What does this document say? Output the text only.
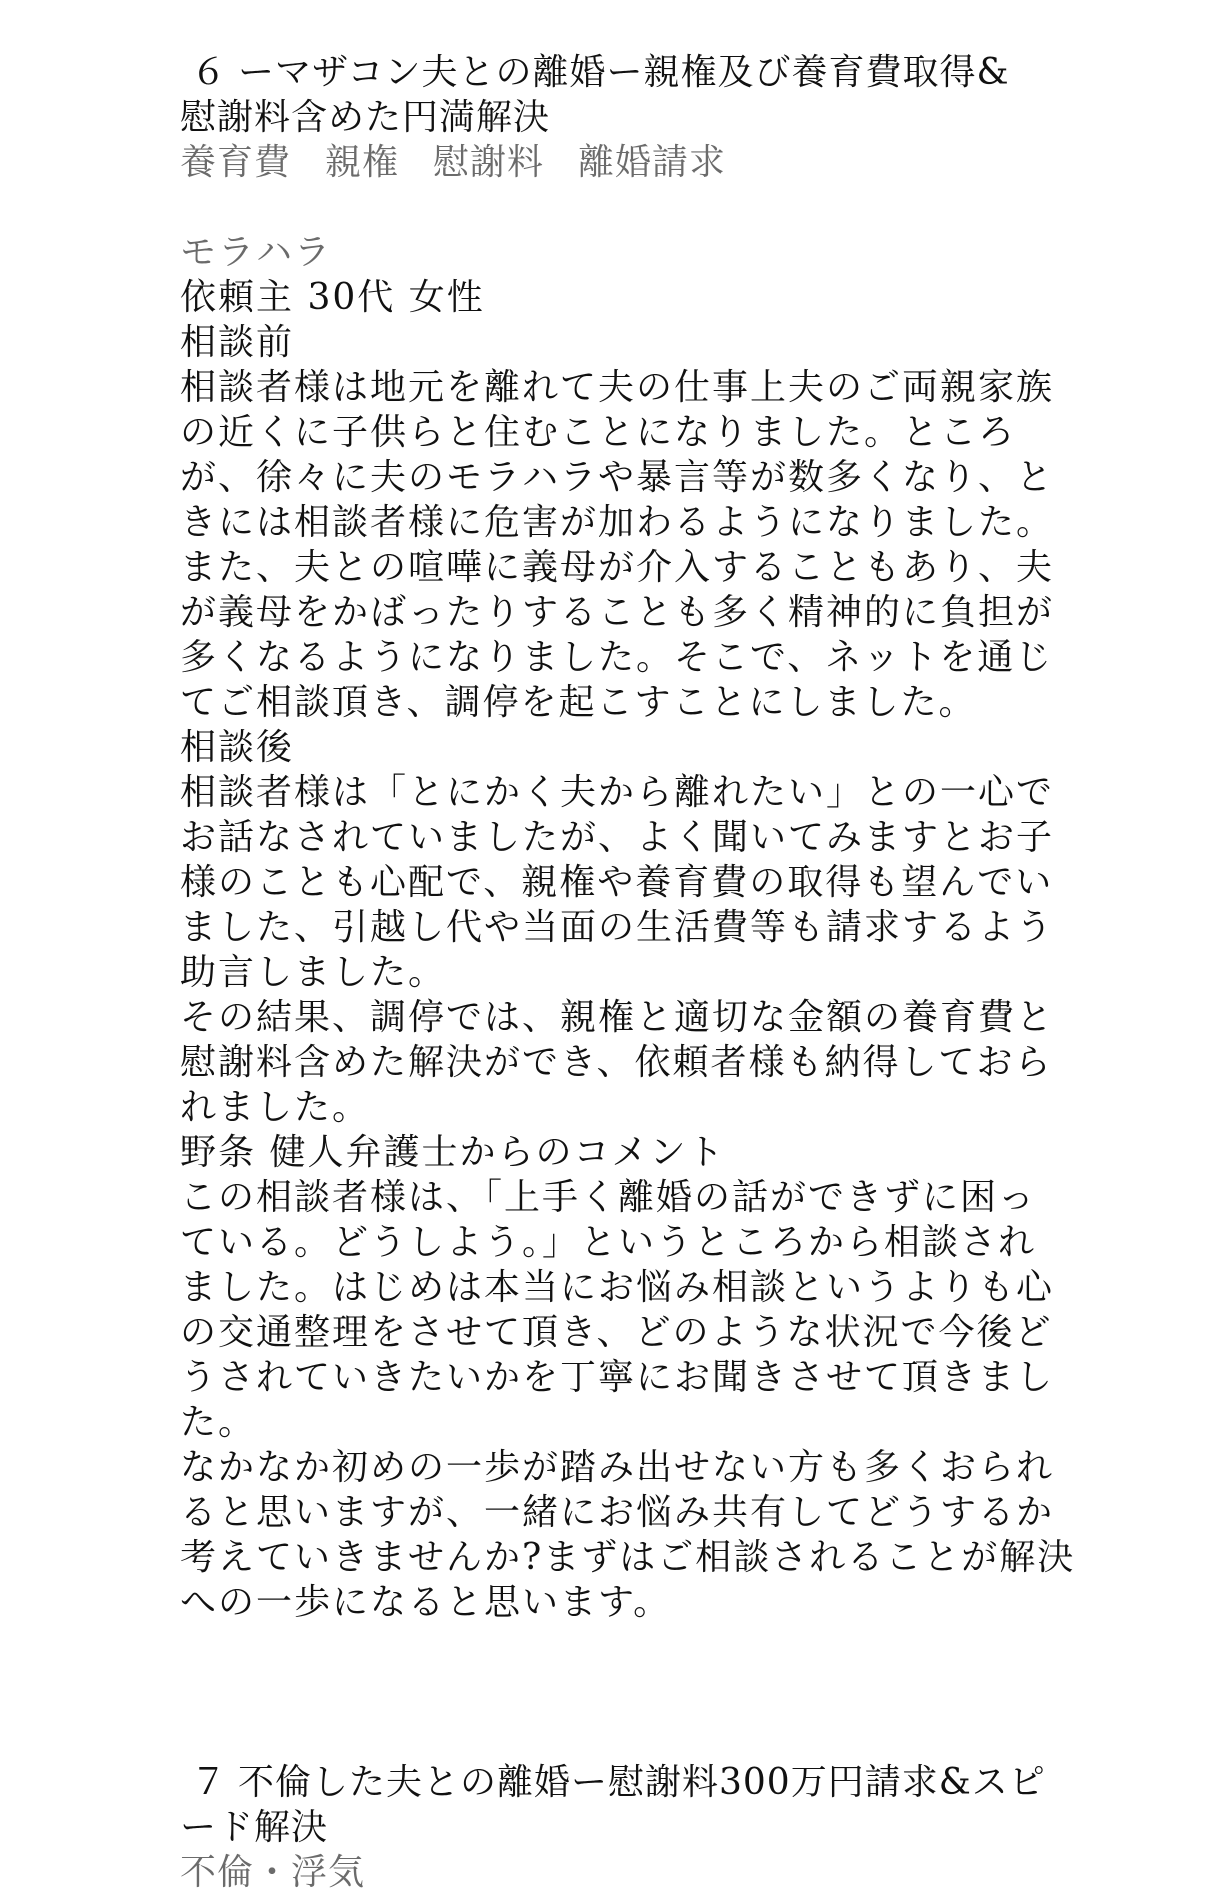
６ ーマザコン夫との離婚ー親権及び養育費取得&
慰謝料含めた円満解決
養育費 親権 慰謝料 離婚請求
モラハラ
依頼主 30代 女性
相談前
相談者様は地元を離れて夫の仕事上夫のご両親家族
の近くに子供らと住むことになりました。ところ
が、徐々に夫のモラハラや暴言等が数多くなり、と
きには相談者様に危害が加わるようになりました。
また、夫との喧嘩に義母が介入することもあり、夫
が義母をかばったりすることも多く精神的に負担が
多くなるようになりました。そこで、ネットを通じ
てご相談頂き、調停を起こすことにしました。
相談後
相談者様は「とにかく夫から離れたい」との一心で
お話なされていましたが、よく聞いてみますとお子
様のことも心配で、親権や養育費の取得も望んでい
ました、引越し代や当面の生活費等も請求するよう
助言しました。
その結果、調停では、親権と適切な金額の養育費と
慰謝料含めた解決ができ、依頼者様も納得しておら
れました。
野条 健人弁護士からのコメント
この相談者様は、「上手く離婚の話ができずに困っ
ている。どうしよう。」というところから相談され
ました。はじめは本当にお悩み相談というよりも心
の交通整理をさせて頂き、どのような状況で今後ど
うされていきたいかを丁寧にお聞きさせて頂きまし
た。
なかなか初めの一歩が踏み出せない方も多くおられ
ると思いますが、一緒にお悩み共有してどうするか
考えていきませんか?まずはご相談されることが解決
への一歩になると思います。
７ 不倫した夫との離婚ー慰謝料300万円請求&スピ
ード解決
不倫・浮気
